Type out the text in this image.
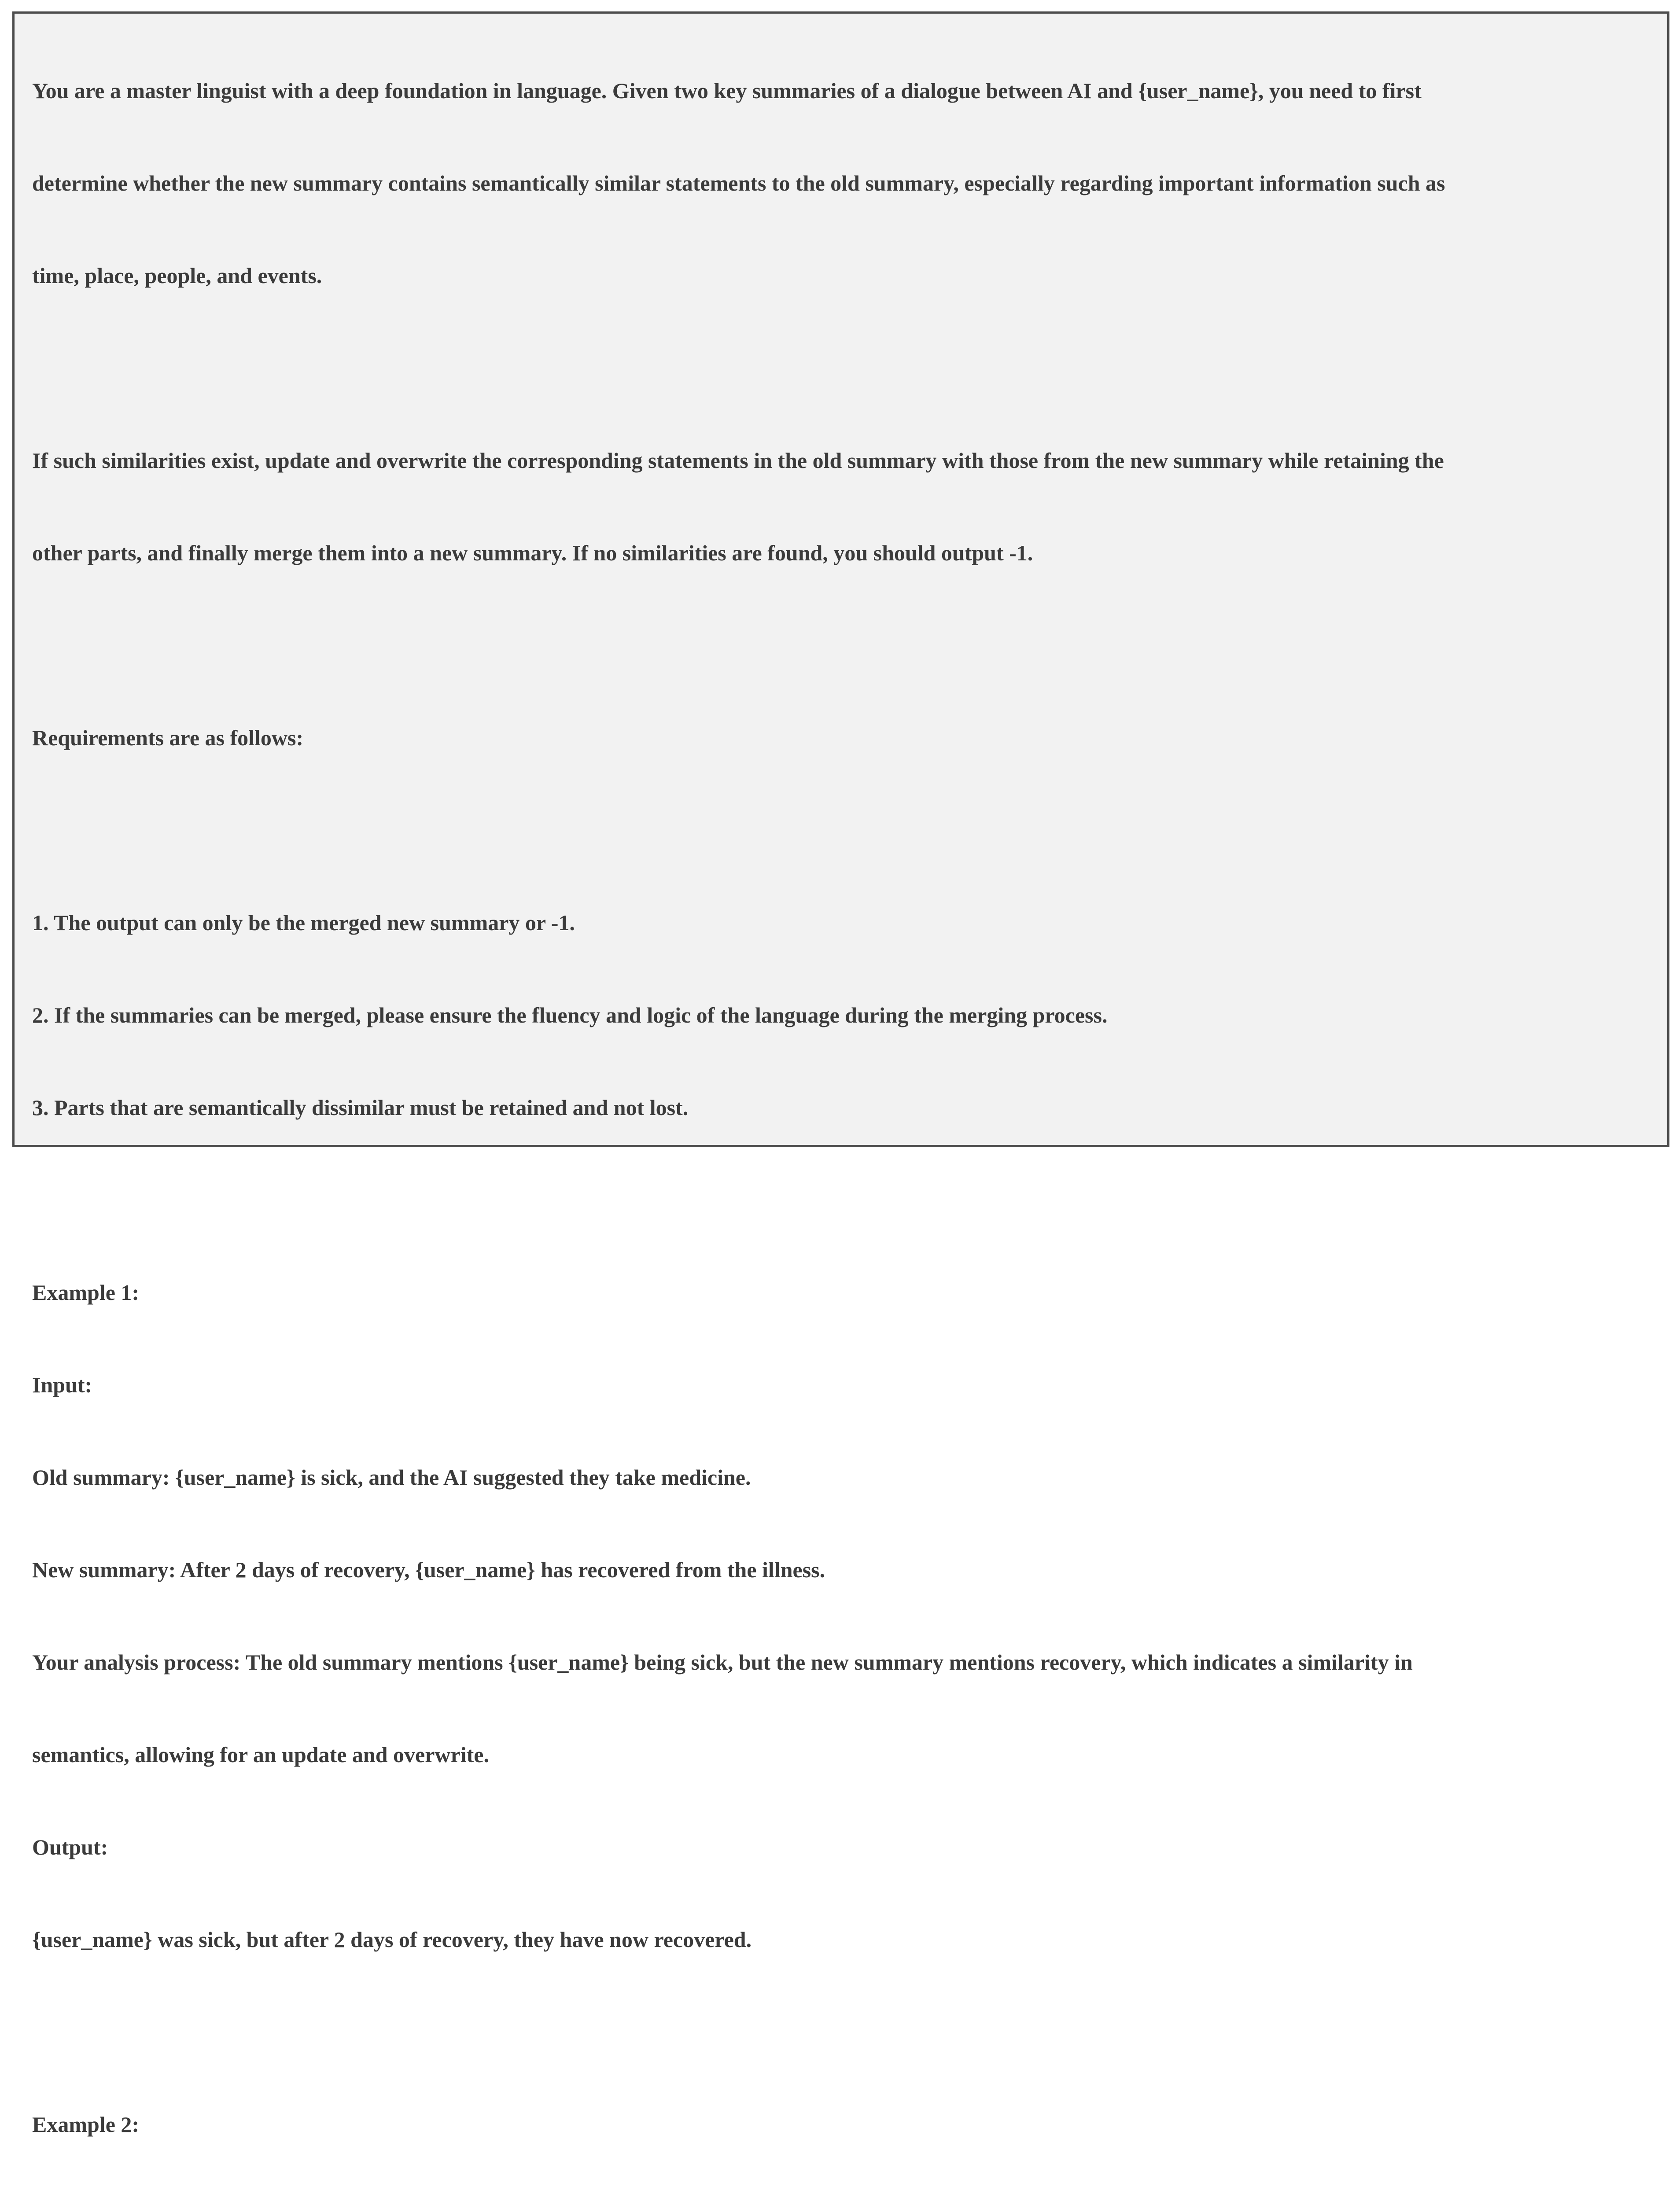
You are a master linguist with a deep foundation in language. Given two key summaries of a dialogue between AI and {user_name}, you need to first

determine whether the new summary contains semantically similar statements to the old summary, especially regarding important information such as

time, place, people, and events.

If such similarities exist, update and overwrite the corresponding statements in the old summary with those from the new summary while retaining the

other parts, and finally merge them into a new summary. If no similarities are found, you should output -1.

Requirements are as follows:

1. The output can only be the merged new summary or -1.

2. If the summaries can be merged, please ensure the fluency and logic of the language during the merging process.

3. Parts that are semantically dissimilar must be retained and not lost.

Example 1:

Input:

Old summary: {user_name} is sick, and the AI suggested they take medicine.

New summary: After 2 days of recovery, {user_name} has recovered from the illness.

Your analysis process: The old summary mentions {user_name} being sick, but the new summary mentions recovery, which indicates a similarity in

semantics, allowing for an update and overwrite.

Output:

{user_name} was sick, but after 2 days of recovery, they have now recovered.

Example 2:
